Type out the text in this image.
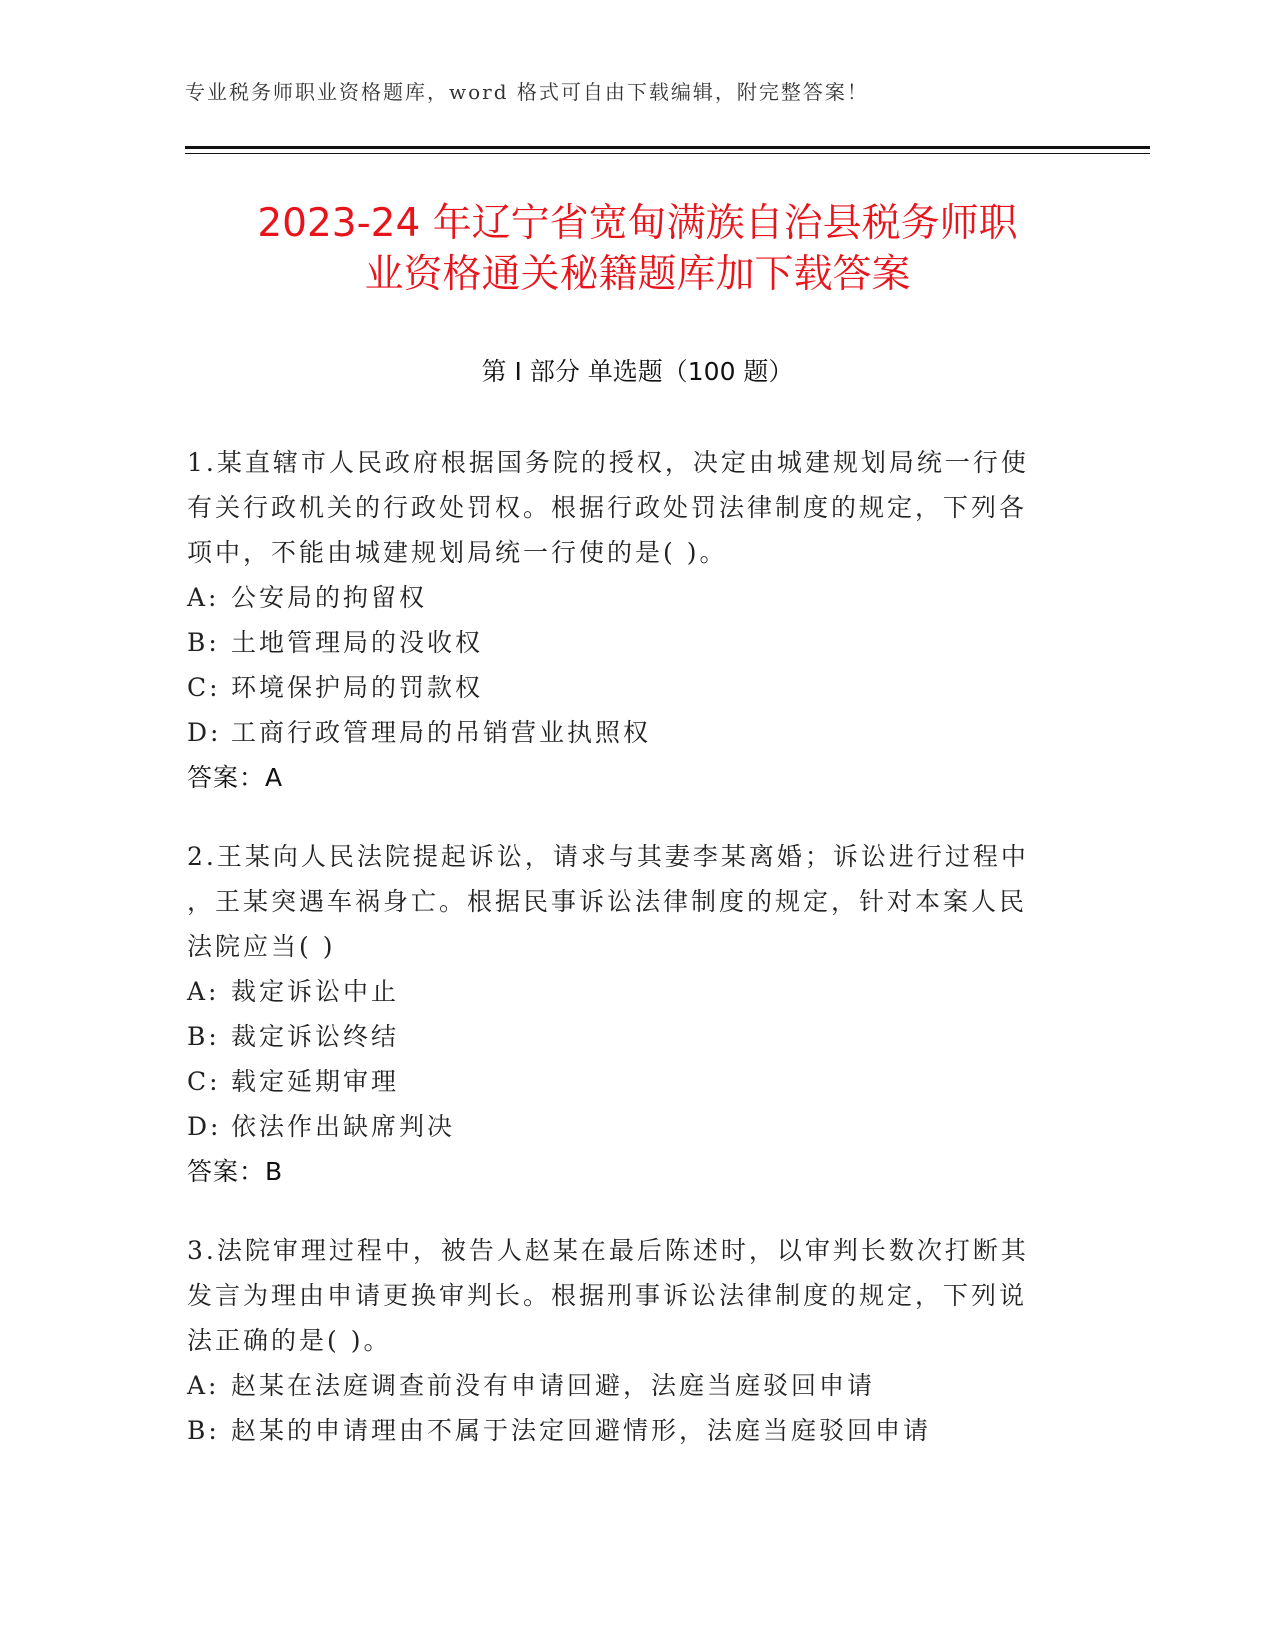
专业税务师职业资格题库，word 格式可自由下载编辑，附完整答案！
2023-24 年辽宁省宽甸满族自治县税务师职
业资格通关秘籍题库加下载答案
第 I 部分 单选题（100 题）

1.某直辖市人民政府根据国务院的授权，决定由城建规划局统一行使
有关行政机关的行政处罚权。根据行政处罚法律制度的规定，下列各
项中，不能由城建规划局统一行使的是( )。

A: 公安局的拘留权
B: 土地管理局的没收权
C: 环境保护局的罚款权
D: 工商行政管理局的吊销营业执照权
答案：A

2.王某向人民法院提起诉讼，请求与其妻李某离婚；诉讼进行过程中
，王某突遇车祸身亡。根据民事诉讼法律制度的规定，针对本案人民
法院应当( )

A: 裁定诉讼中止
B: 裁定诉讼终结
C: 载定延期审理
D: 依法作出缺席判决
答案：B

3.法院审理过程中，被告人赵某在最后陈述时，以审判长数次打断其
发言为理由申请更换审判长。根据刑事诉讼法律制度的规定，下列说
法正确的是( )。

A: 赵某在法庭调查前没有申请回避，法庭当庭驳回申请
B: 赵某的申请理由不属于法定回避情形，法庭当庭驳回申请
